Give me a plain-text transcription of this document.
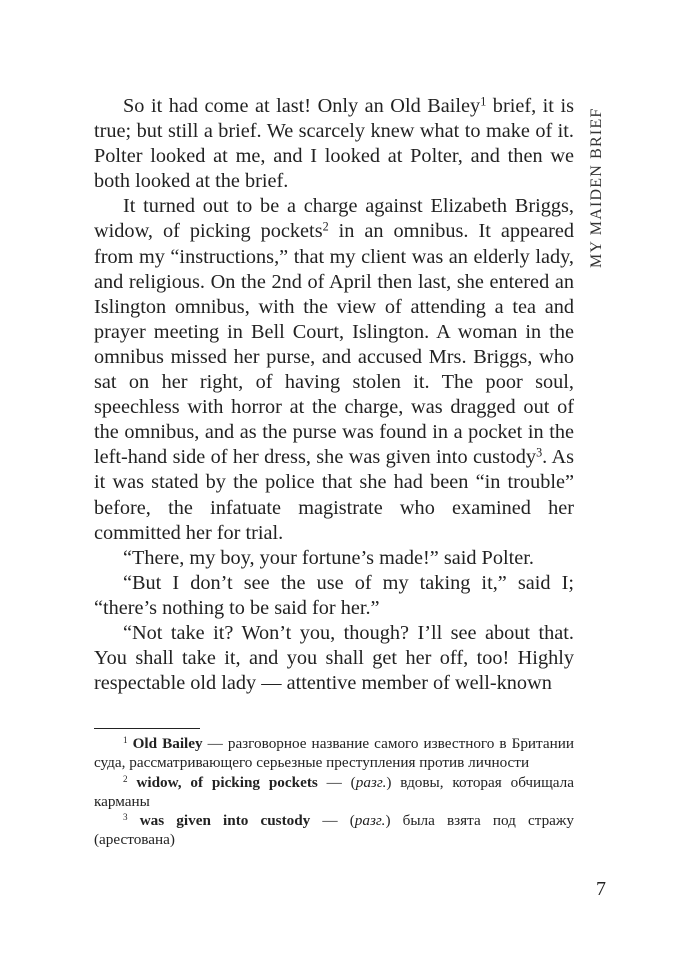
MY MAIDEN BRIEF

So it had come at last! Only an Old Bailey$^1$ brief, it is true; but still a brief. We scarcely knew what to make of it. Polter looked at me, and I looked at Polter, and then we both looked at the brief.

It turned out to be a charge against Elizabeth Briggs, widow, of picking pockets$^2$ in an omnibus. It appeared from my “instructions,” that my client was an elderly lady, and religious. On the 2nd of April then last, she entered an Islington omnibus, with the view of attending a tea and prayer meeting in Bell Court, Islington. A woman in the omnibus missed her purse, and accused Mrs. Briggs, who sat on her right, of having stolen it. The poor soul, speechless with horror at the charge, was dragged out of the omnibus, and as the purse was found in a pocket in the left-hand side of her dress, she was given into custody$^3$. As it was stated by the police that she had been “in trouble” before, the infatuate magistrate who examined her committed her for trial.

“There, my boy, your fortune’s made!” said Polter.

“But I don’t see the use of my taking it,” said I; “there’s nothing to be said for her.”

“Not take it? Won’t you, though? I’ll see about that. You shall take it, and you shall get her off, too! Highly respectable old lady — attentive member of well-known

$^1$ Old Bailey — разговорное название самого известного в Британии суда, рассматривающего серьезные преступления против личности

$^2$ widow, of picking pockets — (разг.) вдовы, которая обчищала карманы

$^3$ was given into custody — (разг.) была взята под стражу (арестована)

7
